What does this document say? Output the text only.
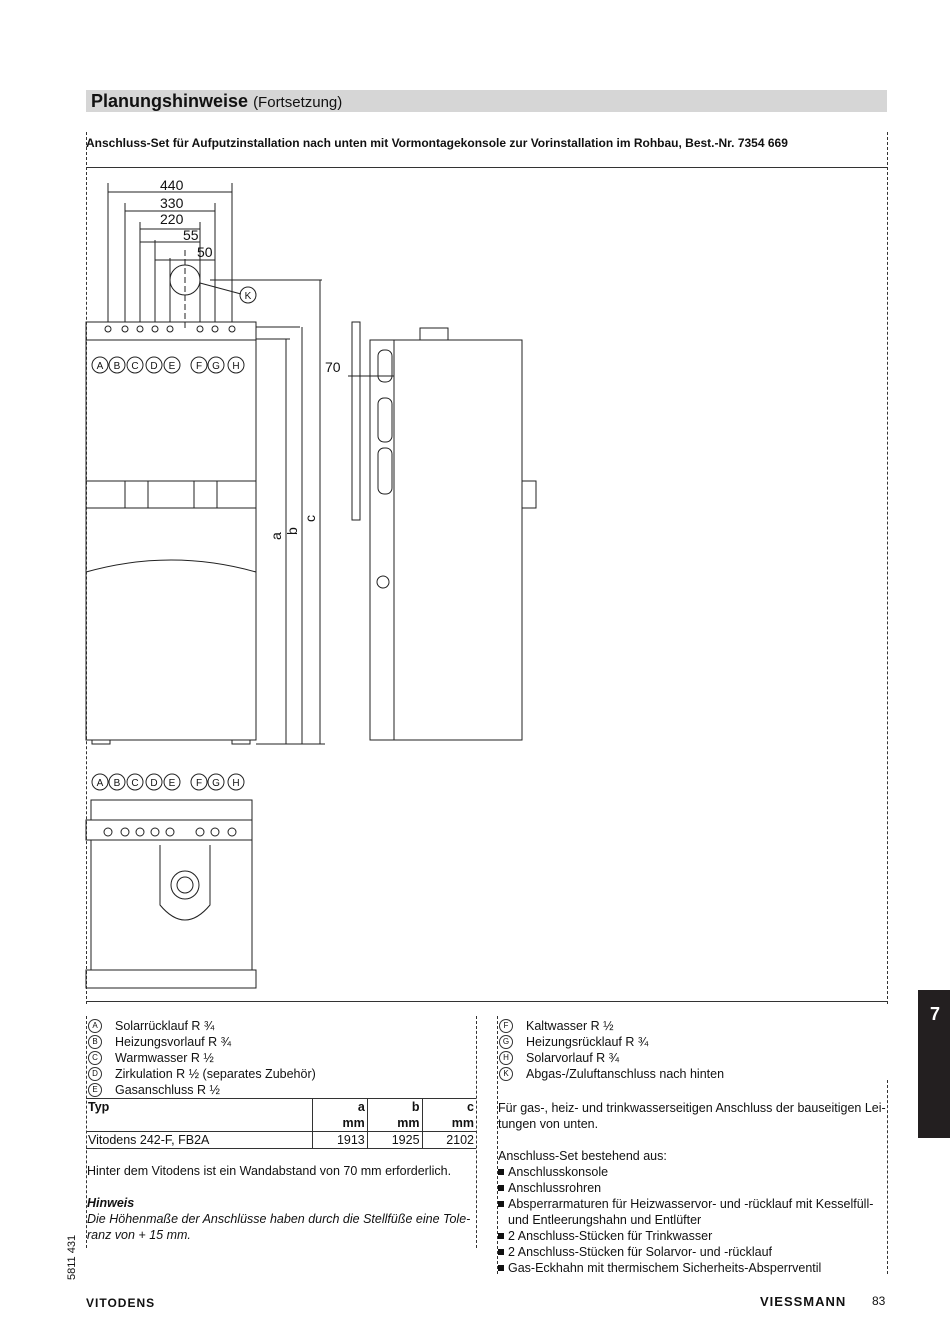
Planungshinweise (Fortsetzung)
Anschluss-Set für Aufputzinstallation nach unten mit Vormontagekonsole zur Vorinstallation im Rohbau, Best.-Nr. 7354 669
440
330
220
55
50
70
a
b
c
A B C D E F G H
K
A B C D E F G H
A	Solarrücklauf R ¾
B	Heizungsvorlauf R ¾
C	Warmwasser R ½
D	Zirkulation R ½ (separates Zubehör)
E	Gasanschluss R ½
F	Kaltwasser R ½
G	Heizungsrücklauf R ¾
H	Solarvorlauf R ¾
K	Abgas-/Zuluftanschluss nach hinten
Typ	a	b	c
	mm	mm	mm
Vitodens 242-F, FB2A	1913	1925	2102
Hinter dem Vitodens ist ein Wandabstand von 70 mm erforderlich.
Hinweis
Die Höhenmaße der Anschlüsse haben durch die Stellfüße eine Tole-
ranz von + 15 mm.
Für gas-, heiz- und trinkwasserseitigen Anschluss der bauseitigen Lei-
tungen von unten.
Anschluss-Set bestehend aus:
Anschlusskonsole
Anschlussrohren
Absperrarmaturen für Heizwasservor- und -rücklauf mit Kesselfüll-
und Entleerungshahn und Entlüfter
2 Anschluss-Stücken für Trinkwasser
2 Anschluss-Stücken für Solarvor- und -rücklauf
Gas-Eckhahn mit thermischem Sicherheits-Absperrventil
7
5811 431
VITODENS	VIESSMANN 83
